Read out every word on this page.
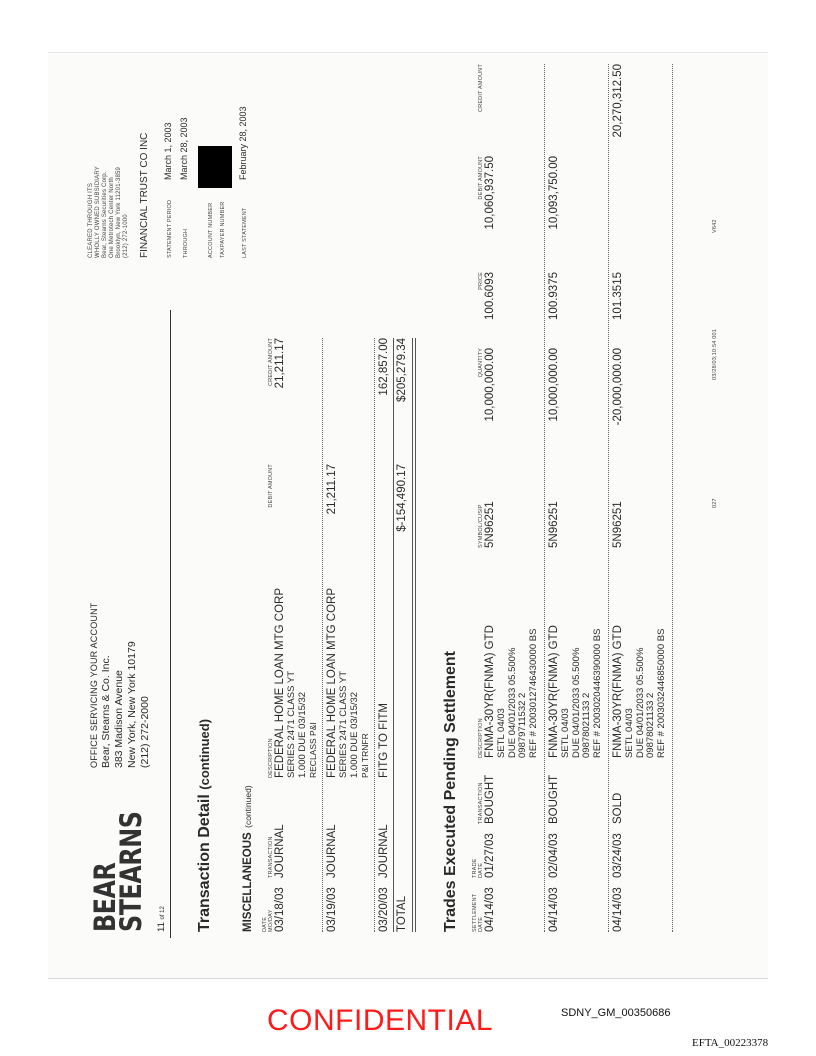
BEAR
STEARNS
OFFICE SERVICING YOUR ACCOUNT Bear, Stearns & Co. Inc. 383 Madison Avenue New York, New York 10179 (212) 272-2000
CLEARED THROUGH ITS WHOLLY OWNED SUBSIDIARY Bear, Stearns Securities Corp. One Metrotech Center North Brooklyn, New York 11201-3859 (212) 272-1000 FINANCIAL TRUST CO INC
11 of 12
STATEMENT PERIOD
March 1, 2003
THROUGH
March 28, 2003
ACCOUNT NUMBER TAXPAYER NUMBER	LAST STATEMENT
February 28, 2003
Transaction Detail (continued)
MISCELLANEOUS (continued)
DATE MO/DAY
TRANSACTION
DESCRIPTION
DEBIT AMOUNT
CREDIT AMOUNT
03/18/03
JOURNAL
FEDERAL HOME LOAN MTG CORP SERIES 2471 CLASS YT 1.000 DUE 03/15/32 RECLASS P&I
21,211.17
03/19/03
JOURNAL
FEDERAL HOME LOAN MTG CORP SERIES 2471 CLASS YT 1.000 DUE 03/15/32 P&I TRNFR
21,211.17
03/20/03
JOURNAL
FITG TO FITM
162,857.00
TOTAL
$-154,490.17
$205,279.34
Trades Executed Pending Settlement SETTLEMENT DATE
TRADE DATE
TRANSACTION
DESCRIPTION
SYMBOL/CUSIP
QUANTITY
PRICE
DEBIT AMOUNT
CREDIT AMOUNT
04/14/03
01/27/03
BOUGHT
FNMA-30YR(FNMA) GTD SETL 04/03 DUE 04/01/2033 05.500% 09879711532 2 REF # 2003012746430000 BS
5N96251
10,000,000.00
100.6093
10,060,937.50
04/14/03
02/04/03
BOUGHT
FNMA-30YR(FNMA) GTD SETL 04/03 DUE 04/01/2033 05.500% 09878021133 2 REF # 2003020446390000 BS
5N96251
10,000,000.00
100.9375
10,093,750.00
04/14/03
03/24/03
SOLD
FNMA-30YR(FNMA) GTD SETL 04/03 DUE 04/01/2033 05.500% 09878021133 2 REF # 2003032446850000 BS
5N96251
-20,000,000.00
101.3515
20,270,312.50
027
03/28/03;10:54 001
V642
CONFIDENTIAL	SDNY_GM_00350686
EFTA_00223378
